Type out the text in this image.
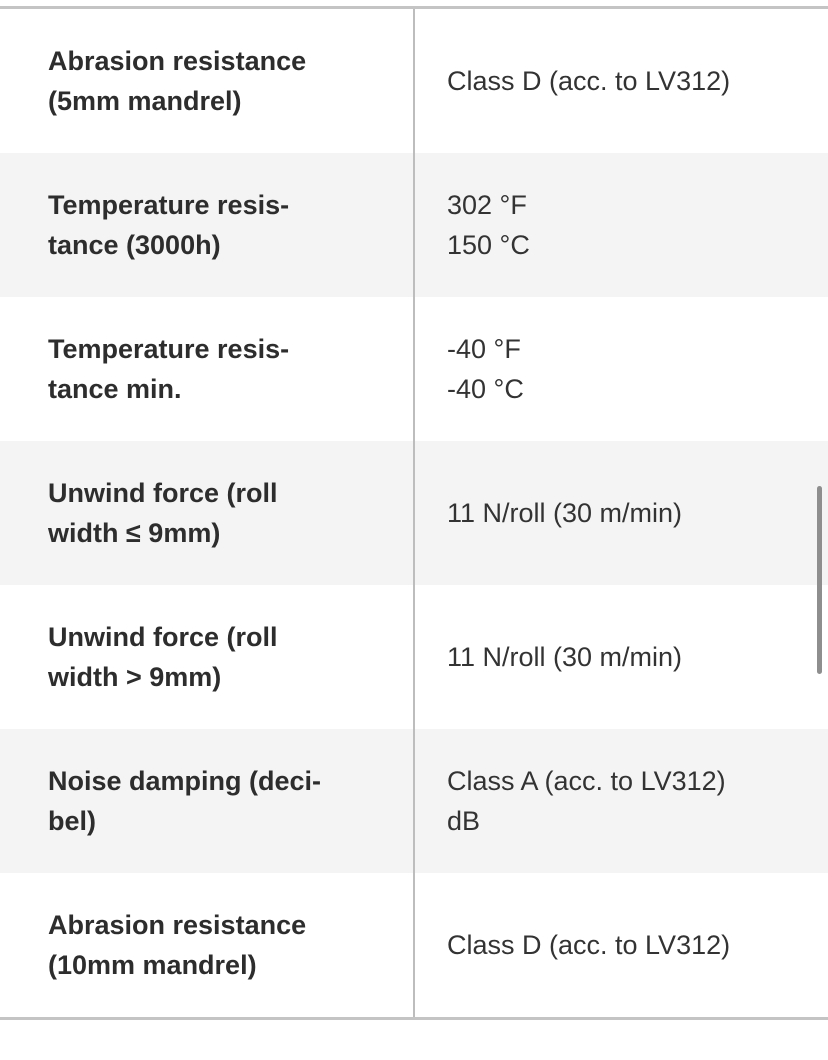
Abrasion resistance
(5mm mandrel)
Class D (acc. to LV312)
Temperature resis-
tance (3000h)
302 °F
150 °C
Temperature resis-
tance min.
-40 °F
-40 °C
Unwind force (roll
width ≤ 9mm)
11 N/roll (30 m/min)
Unwind force (roll
width > 9mm)
11 N/roll (30 m/min)
Noise damping (deci-
bel)
Class A (acc. to LV312)
dB
Abrasion resistance
(10mm mandrel)
Class D (acc. to LV312)
